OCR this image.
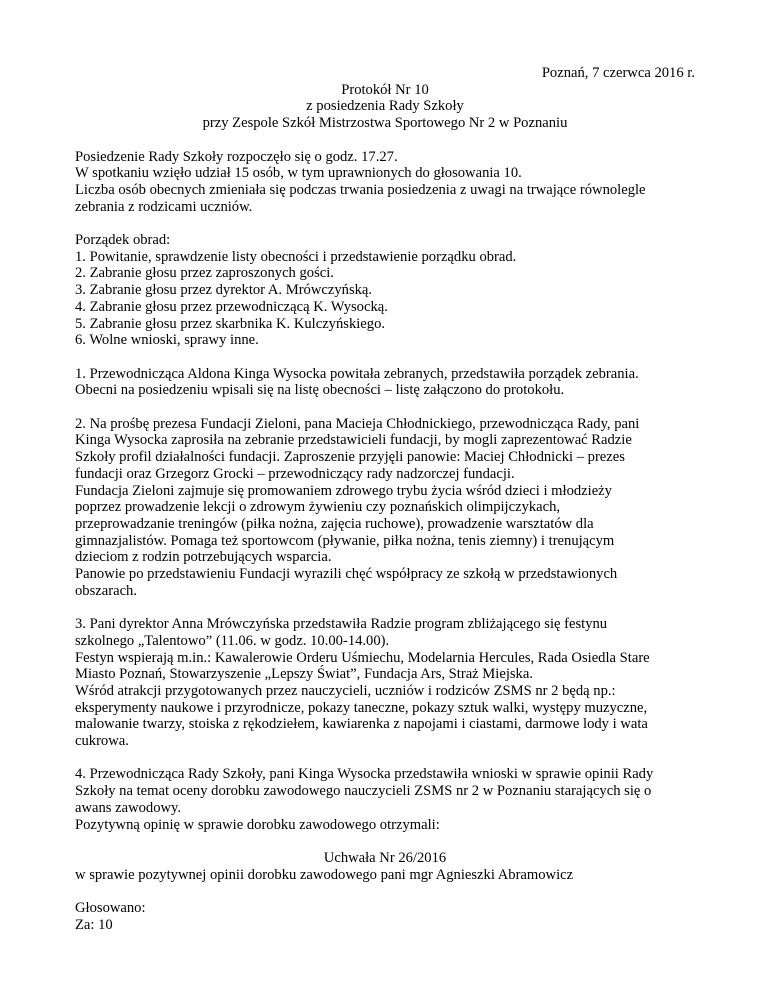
Poznań, 7 czerwca 2016 r.

Protokół Nr 10

z posiedzenia Rady Szkoły

przy Zespole Szkół Mistrzostwa Sportowego Nr 2 w Poznaniu

Posiedzenie Rady Szkoły rozpoczęło się o godz. 17.27.

W spotkaniu wzięło udział 15 osób, w tym uprawnionych do głosowania 10.

Liczba osób obecnych zmieniała się podczas trwania posiedzenia z uwagi na trwające równolegle

zebrania z rodzicami uczniów.

Porządek obrad:

1. Powitanie, sprawdzenie listy obecności i przedstawienie porządku obrad.

2. Zabranie głosu przez zaproszonych gości.

3. Zabranie głosu przez dyrektor A. Mrówczyńską.

4. Zabranie głosu przez przewodniczącą K. Wysocką.

5. Zabranie głosu przez skarbnika K. Kulczyńskiego.

6. Wolne wnioski, sprawy inne.

1. Przewodnicząca Aldona Kinga Wysocka powitała zebranych, przedstawiła porządek zebrania.

Obecni na posiedzeniu wpisali się na listę obecności – listę załączono do protokołu.

2. Na prośbę prezesa Fundacji Zieloni, pana Macieja Chłodnickiego, przewodnicząca Rady, pani

Kinga Wysocka zaprosiła na zebranie przedstawicieli fundacji, by mogli zaprezentować Radzie

Szkoły profil działalności fundacji. Zaproszenie przyjęli panowie: Maciej Chłodnicki – prezes

fundacji oraz Grzegorz Grocki – przewodniczący rady nadzorczej fundacji.

Fundacja Zieloni zajmuje się promowaniem zdrowego trybu życia wśród dzieci i młodzieży

poprzez prowadzenie lekcji o zdrowym żywieniu czy poznańskich olimpijczykach,

przeprowadzanie treningów (piłka nożna, zajęcia ruchowe), prowadzenie warsztatów dla

gimnazjalistów. Pomaga też sportowcom (pływanie, piłka nożna, tenis ziemny) i trenującym

dzieciom z rodzin potrzebujących wsparcia.

Panowie po przedstawieniu Fundacji wyrazili chęć współpracy ze szkołą w przedstawionych

obszarach.

3. Pani dyrektor Anna Mrówczyńska przedstawiła Radzie program zbliżającego się festynu

szkolnego „Talentowo” (11.06. w godz. 10.00-14.00).

Festyn wspierają m.in.: Kawalerowie Orderu Uśmiechu, Modelarnia Hercules, Rada Osiedla Stare

Miasto Poznań, Stowarzyszenie „Lepszy Świat”, Fundacja Ars, Straż Miejska.

Wśród atrakcji przygotowanych przez nauczycieli, uczniów i rodziców ZSMS nr 2 będą np.:

eksperymenty naukowe i przyrodnicze, pokazy taneczne, pokazy sztuk walki, występy muzyczne,

malowanie twarzy, stoiska z rękodziełem, kawiarenka z napojami i ciastami, darmowe lody i wata

cukrowa.

4. Przewodnicząca Rady Szkoły, pani Kinga Wysocka przedstawiła wnioski w sprawie opinii Rady

Szkoły na temat oceny dorobku zawodowego nauczycieli ZSMS nr 2 w Poznaniu starających się o

awans zawodowy.

Pozytywną opinię w sprawie dorobku zawodowego otrzymali:

Uchwała Nr 26/2016

w sprawie pozytywnej opinii dorobku zawodowego pani mgr Agnieszki Abramowicz

Głosowano:

Za: 10
